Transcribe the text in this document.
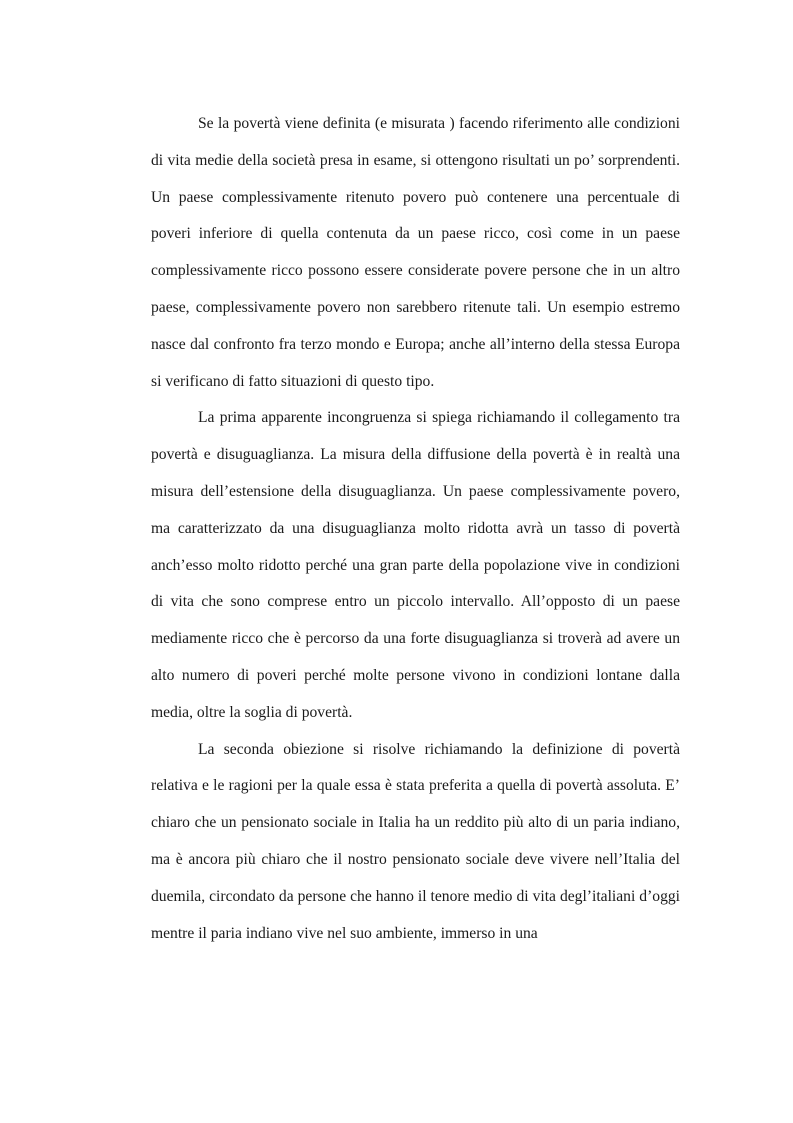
Se la povertà viene definita (e misurata ) facendo riferimento alle condizioni di vita medie della società presa in esame, si ottengono risultati un po’ sorprendenti. Un paese complessivamente ritenuto povero può contenere una percentuale di poveri inferiore di quella contenuta da un paese ricco, così come in un paese complessivamente ricco possono essere considerate povere persone che in un altro paese, complessivamente povero non sarebbero ritenute tali. Un esempio estremo nasce dal confronto fra terzo mondo e Europa; anche all’interno della stessa Europa si verificano di fatto situazioni di questo tipo.

La prima apparente incongruenza si spiega richiamando il collegamento tra povertà e disuguaglianza. La misura della diffusione della povertà è in realtà una misura dell’estensione della disuguaglianza. Un paese complessivamente povero, ma caratterizzato da una disuguaglianza molto ridotta avrà un tasso di povertà anch’esso molto ridotto perché una gran parte della popolazione vive in condizioni di vita che sono comprese entro un piccolo intervallo. All’opposto di un paese mediamente ricco che è percorso da una forte disuguaglianza si troverà ad avere un alto numero di poveri perché molte persone vivono in condizioni lontane dalla media, oltre la soglia di povertà.

La seconda obiezione si risolve richiamando la definizione di povertà relativa e le ragioni per la quale essa è stata preferita a quella di povertà assoluta. E’ chiaro che un pensionato sociale in Italia ha un reddito più alto di un paria indiano, ma è ancora più chiaro che il nostro pensionato sociale deve vivere nell’Italia del duemila, circondato da persone che hanno il tenore medio di vita degl’italiani d’oggi mentre il paria indiano vive nel suo ambiente, immerso in una
